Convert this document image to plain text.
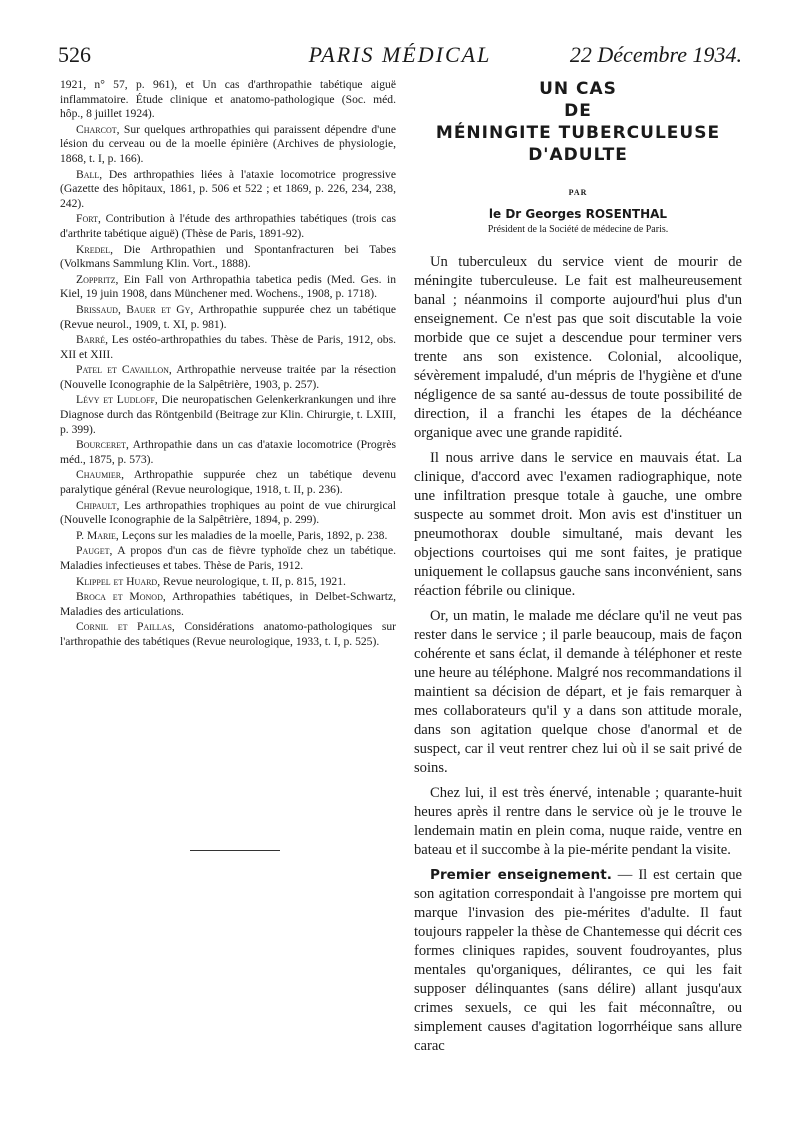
526	PARIS MÉDICAL	22 Décembre 1934.

1921, n° 57, p. 961), et Un cas d'arthropathie tabétique aiguë inflammatoire. Étude clinique et anatomo-pathologique (Soc. méd. hôp., 8 juillet 1924).

Charcot, Sur quelques arthropathies qui paraissent dépendre d'une lésion du cerveau ou de la moelle épinière (Archives de physiologie, 1868, t. I, p. 166).

Ball, Des arthropathies liées à l'ataxie locomotrice progressive (Gazette des hôpitaux, 1861, p. 506 et 522 ; et 1869, p. 226, 234, 238, 242).

Fort, Contribution à l'étude des arthropathies tabétiques (trois cas d'arthrite tabétique aiguë) (Thèse de Paris, 1891-92).

Kredel, Die Arthropathien und Spontanfracturen bei Tabes (Volkmans Sammlung Klin. Vort., 1888).

Zoppritz, Ein Fall von Arthropathia tabetica pedis (Med. Ges. in Kiel, 19 juin 1908, dans Münchener med. Wochens., 1908, p. 1718).

Brissaud, Bauer et Gy, Arthropathie suppurée chez un tabétique (Revue neurol., 1909, t. XI, p. 981).

Barré, Les ostéo-arthropathies du tabes. Thèse de Paris, 1912, obs. XII et XIII.

Patel et Cavaillon, Arthropathie nerveuse traitée par la résection (Nouvelle Iconographie de la Salpêtrière, 1903, p. 257).

Lévy et Ludloff, Die neuropatischen Gelenkerkrankungen und ihre Diagnose durch das Röntgenbild (Beitrage zur Klin. Chirurgie, t. LXIII, p. 399).

Bourceret, Arthropathie dans un cas d'ataxie locomotrice (Progrès méd., 1875, p. 573).

Chaumier, Arthropathie suppurée chez un tabétique devenu paralytique général (Revue neurologique, 1918, t. II, p. 236).

Chipault, Les arthropathies trophiques au point de vue chirurgical (Nouvelle Iconographie de la Salpêtrière, 1894, p. 299).

P. Marie, Leçons sur les maladies de la moelle, Paris, 1892, p. 238.

Pauget, A propos d'un cas de fièvre typhoïde chez un tabétique. Maladies infectieuses et tabes. Thèse de Paris, 1912.

Klippel et Huard, Revue neurologique, t. II, p. 815, 1921.

Broca et Monod, Arthropathies tabétiques, in Delbet-Schwartz, Maladies des articulations.

Cornil et Paillas, Considérations anatomo-pathologiques sur l'arthropathie des tabétiques (Revue neurologique, 1933, t. I, p. 525).

UN CAS
DE
MÉNINGITE TUBERCULEUSE
D'ADULTE
PAR
le Dr Georges ROSENTHAL
Président de la Société de médecine de Paris.

Un tuberculeux du service vient de mourir de méningite tuberculeuse. Le fait est malheureusement banal ; néanmoins il comporte aujourd'hui plus d'un enseignement. Ce n'est pas que soit discutable la voie morbide que ce sujet a descendue pour terminer vers trente ans son existence. Colonial, alcoolique, sévèrement impaludé, d'un mépris de l'hygiène et d'une négligence de sa santé au-dessus de toute possibilité de direction, il a franchi les étapes de la déchéance organique avec une grande rapidité.

Il nous arrive dans le service en mauvais état. La clinique, d'accord avec l'examen radiographique, note une infiltration presque totale à gauche, une ombre suspecte au sommet droit. Mon avis est d'instituer un pneumothorax double simultané, mais devant les objections courtoises qui me sont faites, je pratique uniquement le collapsus gauche sans inconvénient, sans réaction fébrile ou clinique.

Or, un matin, le malade me déclare qu'il ne veut pas rester dans le service ; il parle beaucoup, mais de façon cohérente et sans éclat, il demande à téléphoner et reste une heure au téléphone. Malgré nos recommandations il maintient sa décision de départ, et je fais remarquer à mes collaborateurs qu'il y a dans son attitude morale, dans son agitation quelque chose d'anormal et de suspect, car il veut rentrer chez lui où il se sait privé de soins.

Chez lui, il est très énervé, intenable ; quarante-huit heures après il rentre dans le service où je le trouve le lendemain matin en plein coma, nuque raide, ventre en bateau et il succombe à la pie-mérite pendant la visite.

Premier enseignement. — Il est certain que son agitation correspondait à l'angoisse pre mortem qui marque l'invasion des pie-mérites d'adulte. Il faut toujours rappeler la thèse de Chantemesse qui décrit ces formes cliniques rapides, souvent foudroyantes, plus mentales qu'organiques, délirantes, ce qui les fait supposer délinquantes (sans délire) allant jusqu'aux crimes sexuels, ce qui les fait méconnaître, ou simplement causes d'agitation logorrhéique sans allure carac
